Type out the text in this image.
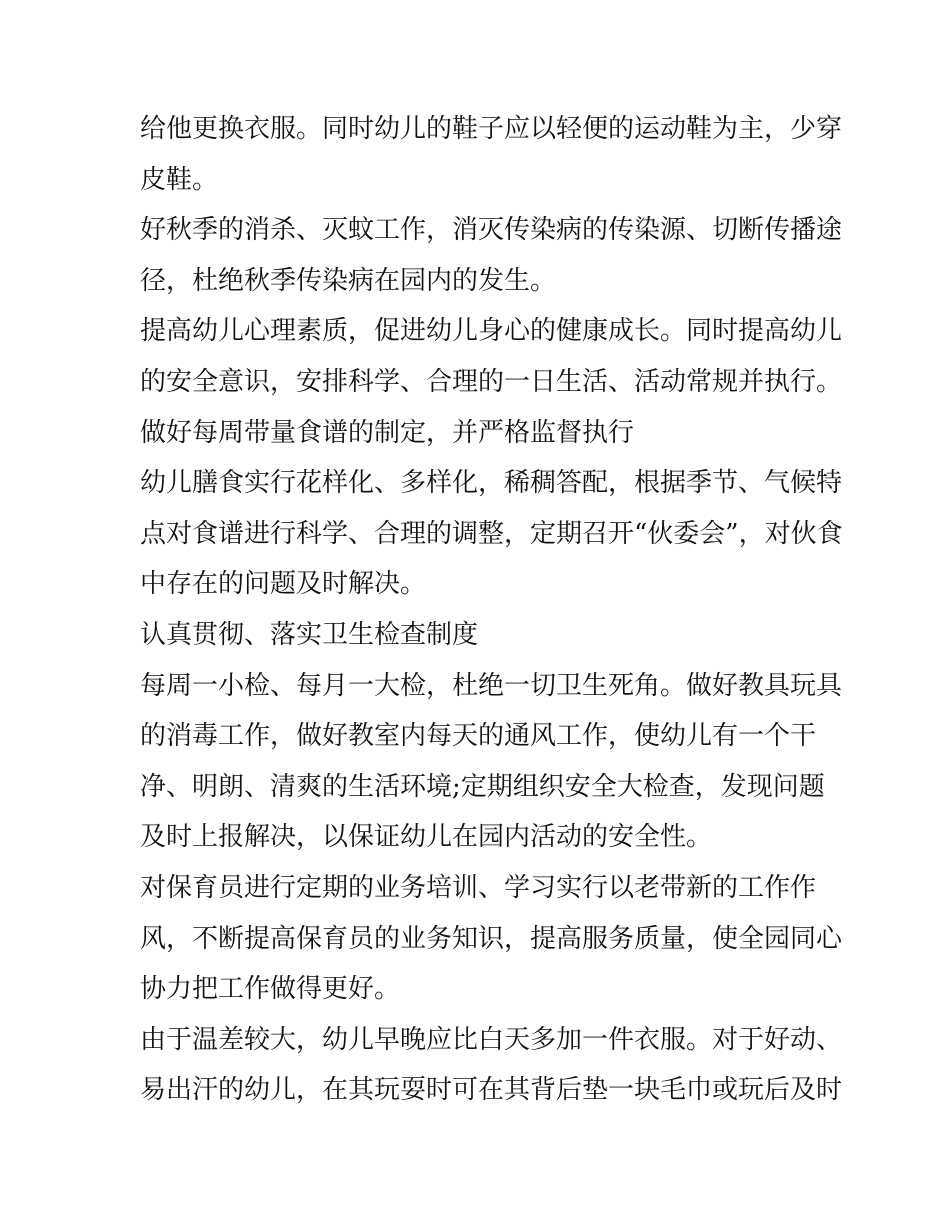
给他更换衣服。同时幼儿的鞋子应以轻便的运动鞋为主，少穿
皮鞋。
好秋季的消杀、灭蚊工作，消灭传染病的传染源、切断传播途
径，杜绝秋季传染病在园内的发生。
提高幼儿心理素质，促进幼儿身心的健康成长。同时提高幼儿
的安全意识，安排科学、合理的一日生活、活动常规并执行。
做好每周带量食谱的制定，并严格监督执行
幼儿膳食实行花样化、多样化，稀稠答配，根据季节、气候特
点对食谱进行科学、合理的调整，定期召开“伙委会”，对伙食
中存在的问题及时解决。
认真贯彻、落实卫生检查制度
每周一小检、每月一大检，杜绝一切卫生死角。做好教具玩具
的消毒工作，做好教室内每天的通风工作，使幼儿有一个干
净、明朗、清爽的生活环境;定期组织安全大检查，发现问题
及时上报解决，以保证幼儿在园内活动的安全性。
对保育员进行定期的业务培训、学习实行以老带新的工作作
风，不断提高保育员的业务知识，提高服务质量，使全园同心
协力把工作做得更好。
由于温差较大，幼儿早晚应比白天多加一件衣服。对于好动、
易出汗的幼儿，在其玩耍时可在其背后垫一块毛巾或玩后及时
